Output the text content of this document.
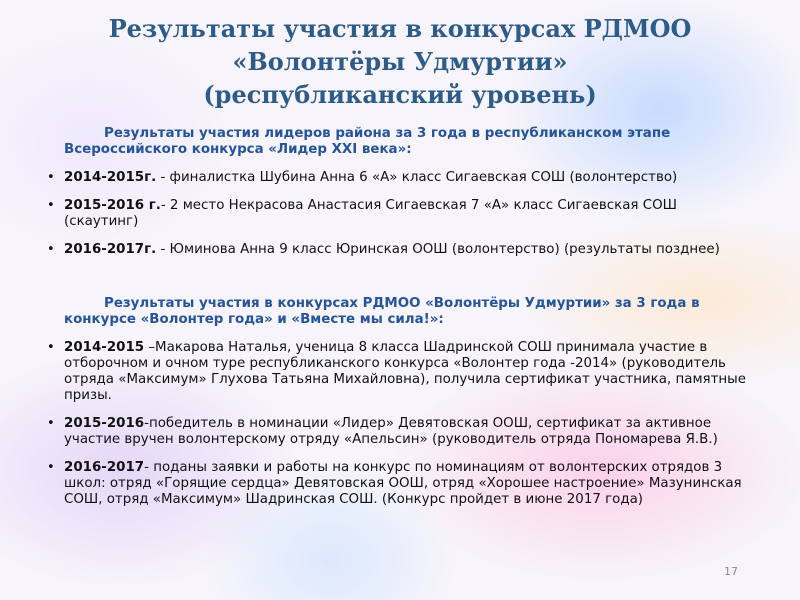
Результаты участия в конкурсах РДМОО
«Волонтёры Удмуртии»
(республиканский уровень)

Результаты участия лидеров района за 3 года в республиканском этапе Всероссийского конкурса «Лидер XXI века»:

• 2014-2015г. - финалистка Шубина Анна 6 «А» класс Сигаевская СОШ (волонтерство)
• 2015-2016 г.- 2 место Некрасова Анастасия Сигаевская 7 «А» класс Сигаевская СОШ (скаутинг)
• 2016-2017г. - Юминова Анна 9 класс Юринская ООШ (волонтерство) (результаты позднее)

Результаты участия в конкурсах РДМОО «Волонтёры Удмуртии» за 3 года в конкурсе «Волонтер года» и «Вместе мы сила!»:

• 2014-2015 –Макарова Наталья, ученица 8 класса Шадринской СОШ принимала участие в отборочном и очном туре республиканского конкурса «Волонтер года -2014» (руководитель отряда «Максимум» Глухова Татьяна Михайловна), получила сертификат участника, памятные призы.
• 2015-2016-победитель в номинации «Лидер» Девятовская ООШ, сертификат за активное участие вручен волонтерскому отряду «Апельсин» (руководитель отряда Пономарева Я.В.)
• 2016-2017- поданы заявки и работы на конкурс по номинациям от волонтерских отрядов 3 школ: отряд «Горящие сердца» Девятовская ООШ, отряд «Хорошее настроение» Мазунинская СОШ, отряд «Максимум» Шадринская СОШ. (Конкурс пройдет в июне 2017 года)
17
